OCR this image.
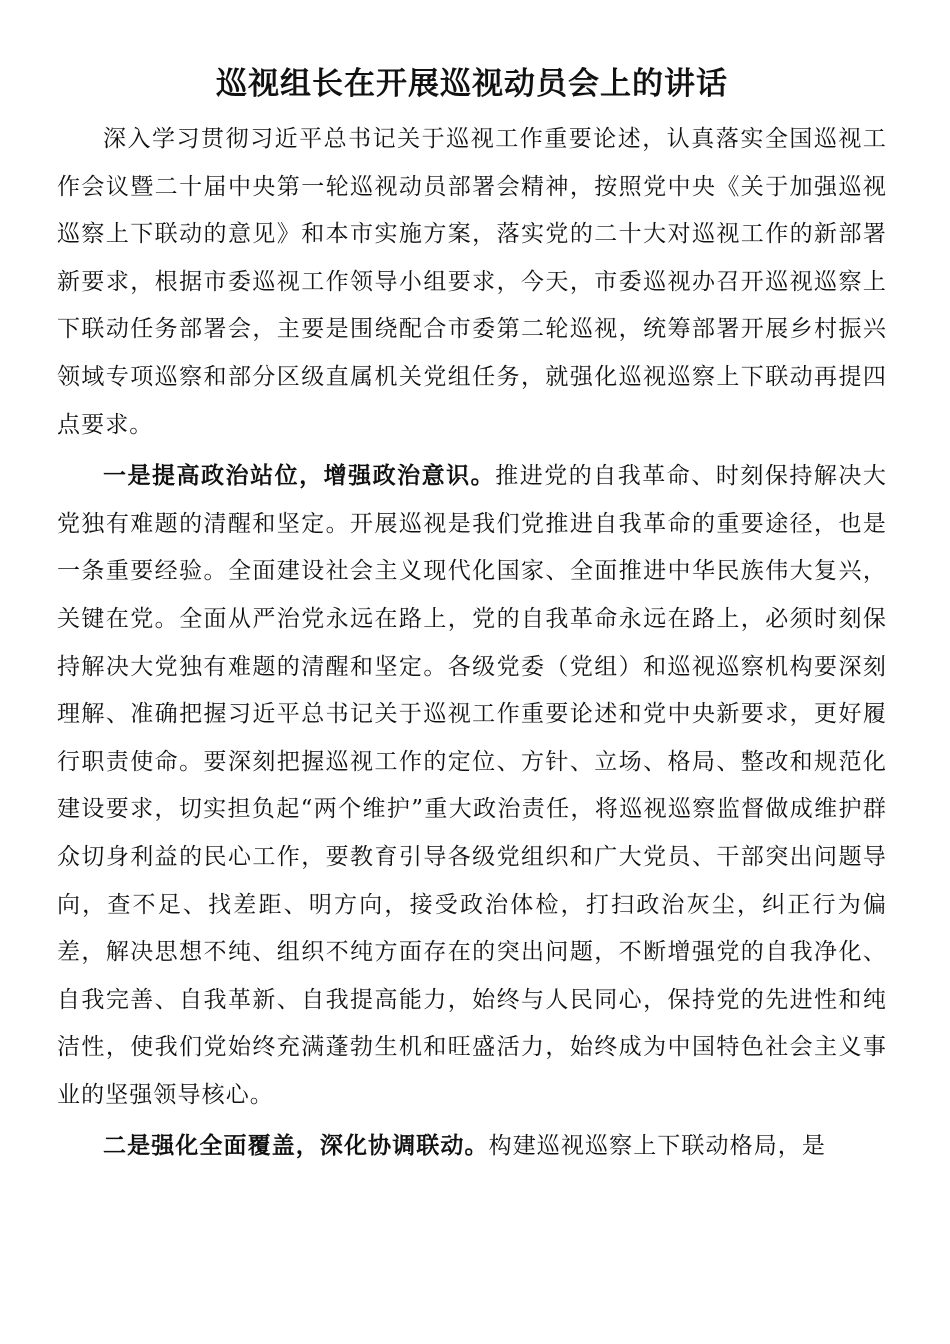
巡视组长在开展巡视动员会上的讲话

深入学习贯彻习近平总书记关于巡视工作重要论述，认真落实全国巡视工作会议暨二十届中央第一轮巡视动员部署会精神，按照党中央《关于加强巡视巡察上下联动的意见》和本市实施方案，落实党的二十大对巡视工作的新部署新要求，根据市委巡视工作领导小组要求，今天，市委巡视办召开巡视巡察上下联动任务部署会，主要是围绕配合市委第二轮巡视，统筹部署开展乡村振兴领域专项巡察和部分区级直属机关党组任务，就强化巡视巡察上下联动再提四点要求。

一是提高政治站位，增强政治意识。推进党的自我革命、时刻保持解决大党独有难题的清醒和坚定。开展巡视是我们党推进自我革命的重要途径，也是一条重要经验。全面建设社会主义现代化国家、全面推进中华民族伟大复兴，关键在党。全面从严治党永远在路上，党的自我革命永远在路上，必须时刻保持解决大党独有难题的清醒和坚定。各级党委（党组）和巡视巡察机构要深刻理解、准确把握习近平总书记关于巡视工作重要论述和党中央新要求，更好履行职责使命。要深刻把握巡视工作的定位、方针、立场、格局、整改和规范化建设要求，切实担负起“两个维护”重大政治责任，将巡视巡察监督做成维护群众切身利益的民心工作，要教育引导各级党组织和广大党员、干部突出问题导向，查不足、找差距、明方向，接受政治体检，打扫政治灰尘，纠正行为偏差，解决思想不纯、组织不纯方面存在的突出问题，不断增强党的自我净化、自我完善、自我革新、自我提高能力，始终与人民同心，保持党的先进性和纯洁性，使我们党始终充满蓬勃生机和旺盛活力，始终成为中国特色社会主义事业的坚强领导核心。

二是强化全面覆盖，深化协调联动。构建巡视巡察上下联动格局，是
